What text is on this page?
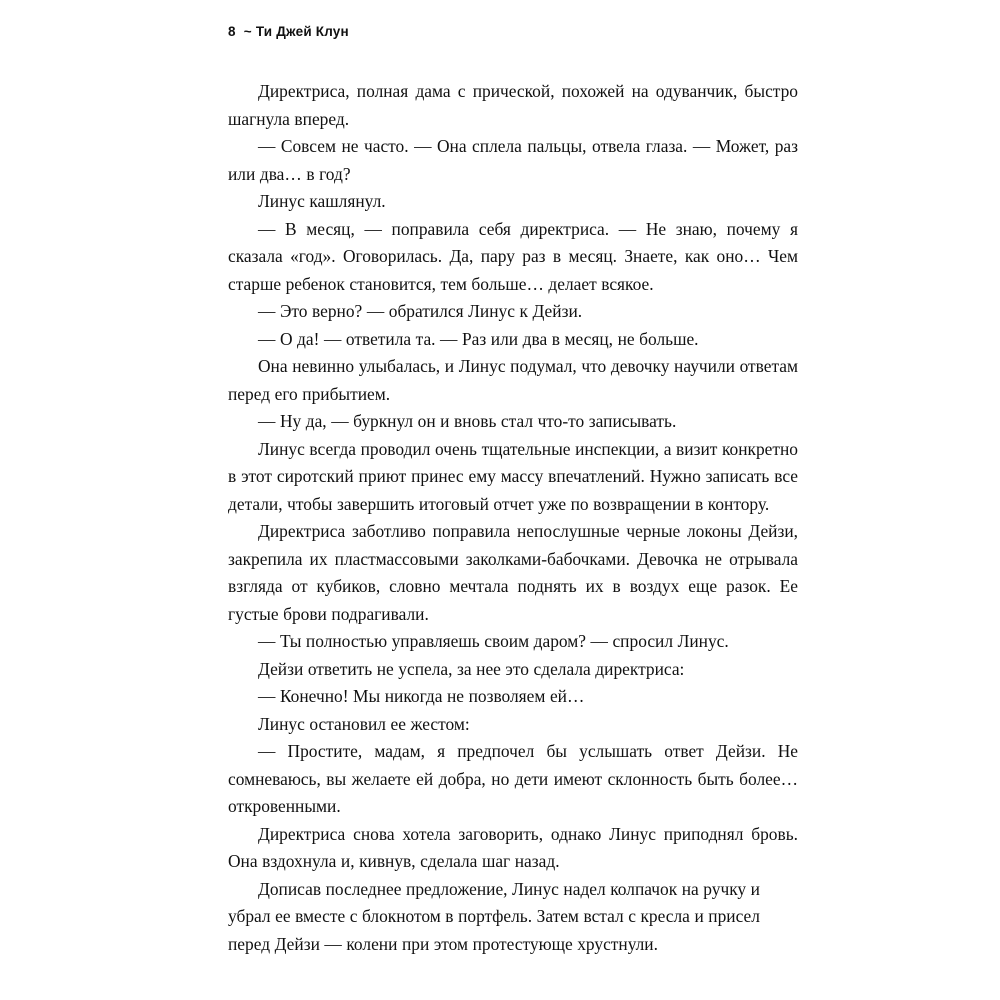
8 ~ Ти Джей Клун

Директриса, полная дама с прической, похожей на одуванчик, быстро шагнула вперед.

— Совсем не часто. — Она сплела пальцы, отвела глаза. — Может, раз или два… в год?

Линус кашлянул.

— В месяц, — поправила себя директриса. — Не знаю, почему я сказала «год». Оговорилась. Да, пару раз в месяц. Знаете, как оно… Чем старше ребенок становится, тем больше… делает всякое.

— Это верно? — обратился Линус к Дейзи.

— О да! — ответила та. — Раз или два в месяц, не больше.

Она невинно улыбалась, и Линус подумал, что девочку научили ответам перед его прибытием.

— Ну да, — буркнул он и вновь стал что-то записывать.

Линус всегда проводил очень тщательные инспекции, а визит конкретно в этот сиротский приют принес ему массу впечатлений. Нужно записать все детали, чтобы завершить итоговый отчет уже по возвращении в контору.

Директриса заботливо поправила непослушные черные локоны Дейзи, закрепила их пластмассовыми заколками-бабочками. Девочка не отрывала взгляда от кубиков, словно мечтала поднять их в воздух еще разок. Ее густые брови подрагивали.

— Ты полностью управляешь своим даром? — спросил Линус.

Дейзи ответить не успела, за нее это сделала директриса:

— Конечно! Мы никогда не позволяем ей…

Линус остановил ее жестом:

— Простите, мадам, я предпочел бы услышать ответ Дейзи. Не сомневаюсь, вы желаете ей добра, но дети имеют склонность быть более… откровенными.

Директриса снова хотела заговорить, однако Линус приподнял бровь. Она вздохнула и, кивнув, сделала шаг назад.

Дописав последнее предложение, Линус надел колпачок на ручку и убрал ее вместе с блокнотом в портфель. Затем встал с кресла и присел перед Дейзи — колени при этом протестующе хрустнули.
